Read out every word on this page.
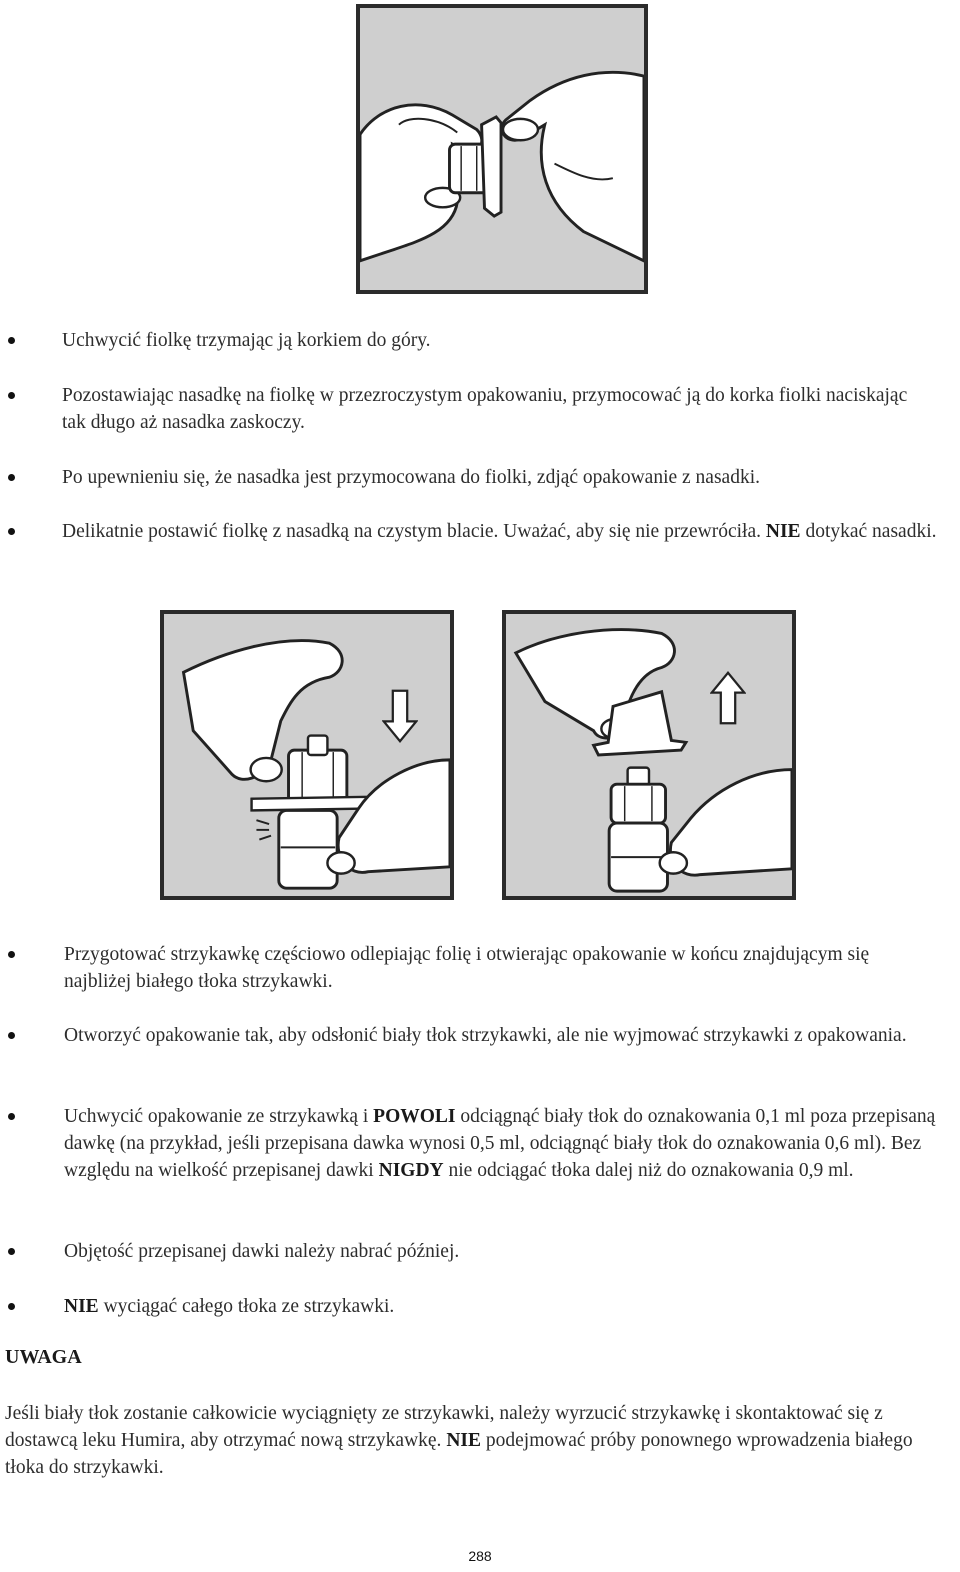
Uchwycić fiolkę trzymając ją korkiem do góry.
Pozostawiając nasadkę na fiolkę w przezroczystym opakowaniu, przymocować ją do korka fiolki naciskając tak długo aż nasadka zaskoczy.
Po upewnieniu się, że nasadka jest przymocowana do fiolki, zdjąć opakowanie z nasadki.
Delikatnie postawić fiolkę z nasadką na czystym blacie. Uważać, aby się nie przewróciła. NIE dotykać nasadki.
Przygotować strzykawkę częściowo odlepiając folię i otwierając opakowanie w końcu znajdującym się najbliżej białego tłoka strzykawki.
Otworzyć opakowanie tak, aby odsłonić biały tłok strzykawki, ale nie wyjmować strzykawki z opakowania.
Uchwycić opakowanie ze strzykawką i POWOLI odciągnąć biały tłok do oznakowania 0,1 ml poza przepisaną dawkę (na przykład, jeśli przepisana dawka wynosi 0,5 ml, odciągnąć biały tłok do oznakowania 0,6 ml). Bez względu na wielkość przepisanej dawki NIGDY nie odciągać tłoka dalej niż do oznakowania 0,9 ml.
Objętość przepisanej dawki należy nabrać później.
NIE wyciągać całego tłoka ze strzykawki.
UWAGA
Jeśli biały tłok zostanie całkowicie wyciągnięty ze strzykawki, należy wyrzucić strzykawkę i skontaktować się z dostawcą leku Humira, aby otrzymać nową strzykawkę. NIE podejmować próby ponownego wprowadzenia białego tłoka do strzykawki.
288
